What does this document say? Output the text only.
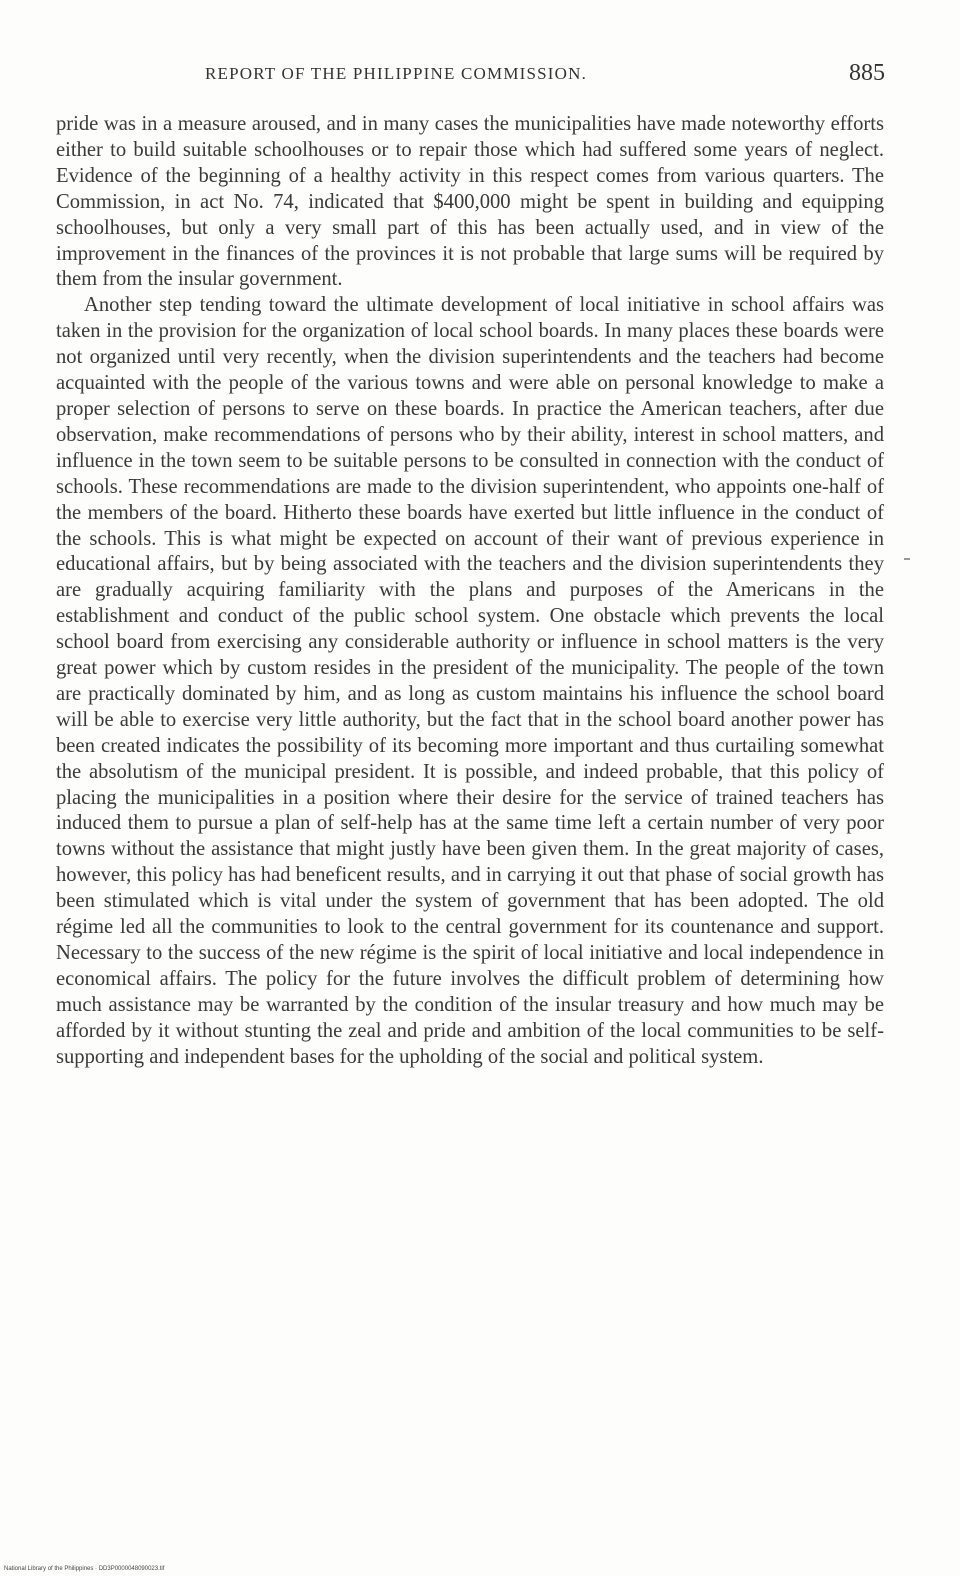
REPORT OF THE PHILIPPINE COMMISSION.	885

pride was in a measure aroused, and in many cases the municipalities have made noteworthy efforts either to build suitable schoolhouses or to repair those which had suffered some years of neglect. Evidence of the beginning of a healthy activity in this respect comes from various quarters. The Commission, in act No. 74, indicated that $400,000 might be spent in building and equipping schoolhouses, but only a very small part of this has been actually used, and in view of the improvement in the finances of the provinces it is not probable that large sums will be required by them from the insular government.

Another step tending toward the ultimate development of local initiative in school affairs was taken in the provision for the organization of local school boards. In many places these boards were not organized until very recently, when the division superintendents and the teachers had become acquainted with the people of the various towns and were able on personal knowledge to make a proper selection of persons to serve on these boards. In practice the American teachers, after due observation, make recommendations of persons who by their ability, interest in school matters, and influence in the town seem to be suitable persons to be consulted in connection with the conduct of schools. These recommendations are made to the division superintendent, who appoints one-half of the members of the board. Hitherto these boards have exerted but little influence in the conduct of the schools. This is what might be expected on account of their want of previous experience in educational affairs, but by being associated with the teachers and the division superintendents they are gradually acquiring familiarity with the plans and purposes of the Americans in the establishment and conduct of the public school system. One obstacle which prevents the local school board from exercising any considerable authority or influence in school matters is the very great power which by custom resides in the president of the municipality. The people of the town are practically dominated by him, and as long as custom maintains his influence the school board will be able to exercise very little authority, but the fact that in the school board another power has been created indicates the possibility of its becoming more important and thus curtailing somewhat the absolutism of the municipal president. It is possible, and indeed probable, that this policy of placing the municipalities in a position where their desire for the service of trained teachers has induced them to pursue a plan of self-help has at the same time left a certain number of very poor towns without the assistance that might justly have been given them. In the great majority of cases, however, this policy has had beneficent results, and in carrying it out that phase of social growth has been stimulated which is vital under the system of government that has been adopted. The old régime led all the communities to look to the central government for its countenance and support. Necessary to the success of the new régime is the spirit of local initiative and local independence in economical affairs. The policy for the future involves the difficult problem of determining how much assistance may be warranted by the condition of the insular treasury and how much may be afforded by it without stunting the zeal and pride and ambition of the local communities to be self-supporting and independent bases for the upholding of the social and political system.

National Library of the Philippines · DD3P0000048090023.tif
